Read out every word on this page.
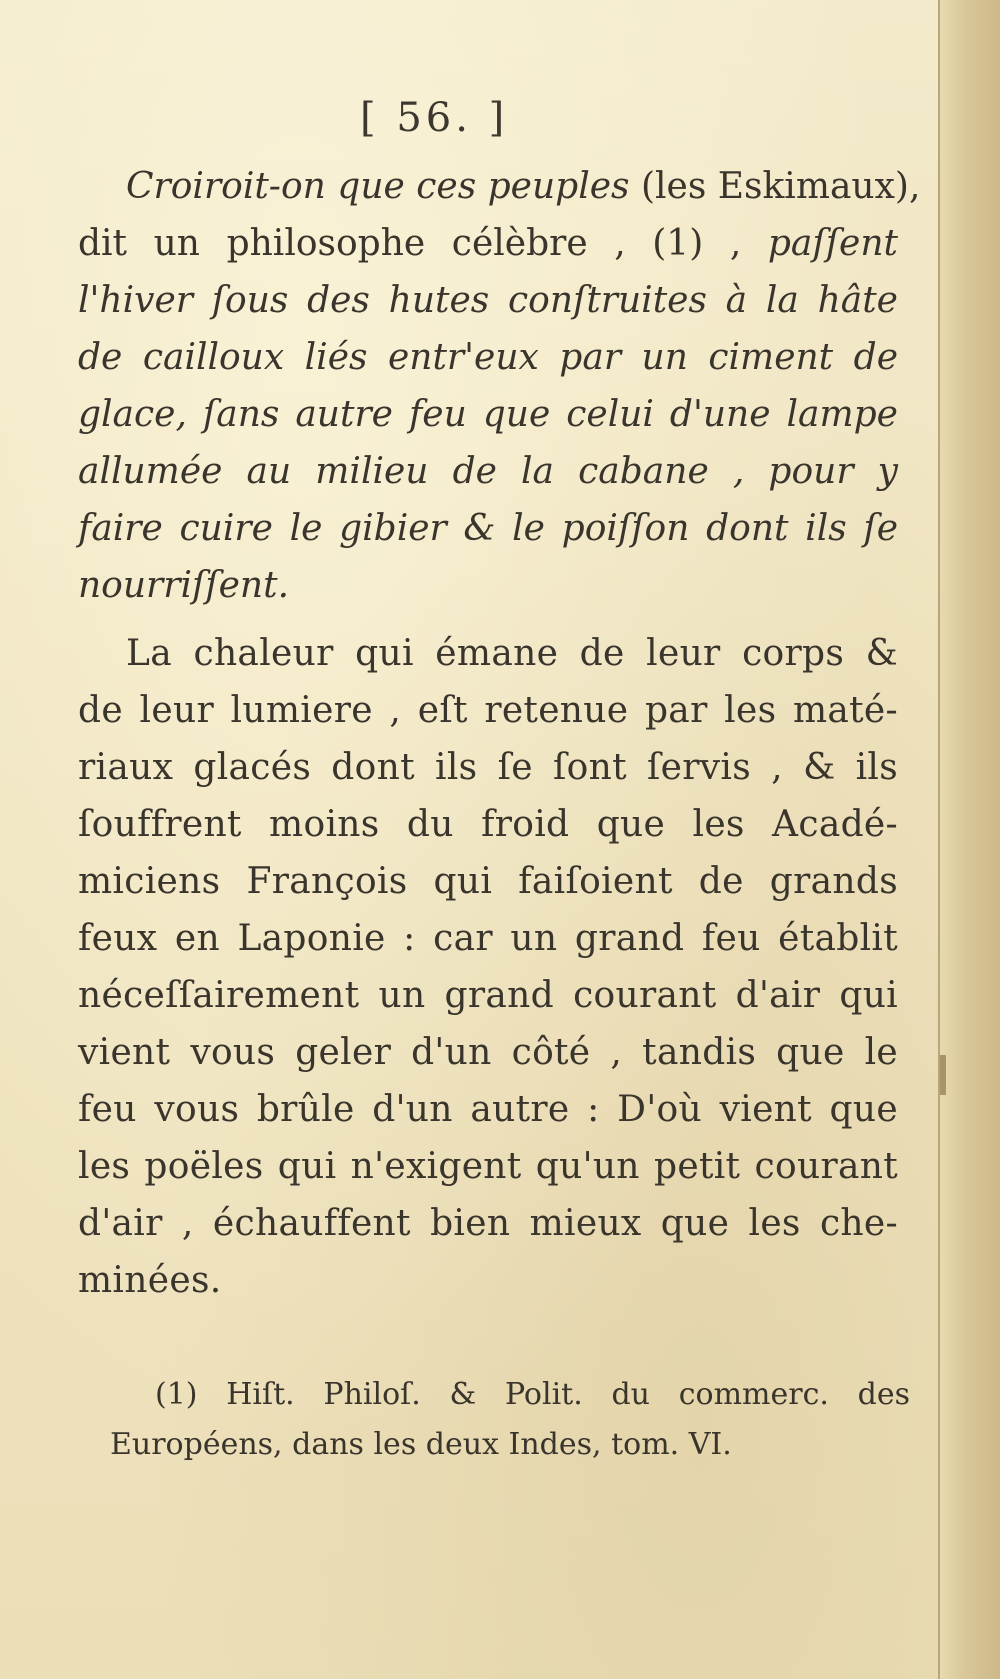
[ 56. ]
Croiroit-on que ces peuples (les Eskimaux),
dit un philosophe célèbre , (1) , paſſent
l'hiver ſous des hutes conſtruites à la hâte
de cailloux liés entr'eux par un ciment de
glace, ſans autre feu que celui d'une lampe
allumée au milieu de la cabane , pour y
faire cuire le gibier & le poiſſon dont ils ſe
nourriſſent.
La chaleur qui émane de leur corps &
de leur lumiere , eſt retenue par les maté-
riaux glacés dont ils ſe ſont ſervis , & ils
ſouffrent moins du froid que les Acadé-
miciens François qui faiſoient de grands
feux en Laponie : car un grand feu établit
néceſſairement un grand courant d'air qui
vient vous geler d'un côté , tandis que le
feu vous brûle d'un autre : D'où vient que
les poëles qui n'exigent qu'un petit courant
d'air , échauffent bien mieux que les che-
minées.
(1) Hiſt. Philoſ. & Polit. du commerc. des
Européens, dans les deux Indes, tom. VI.
